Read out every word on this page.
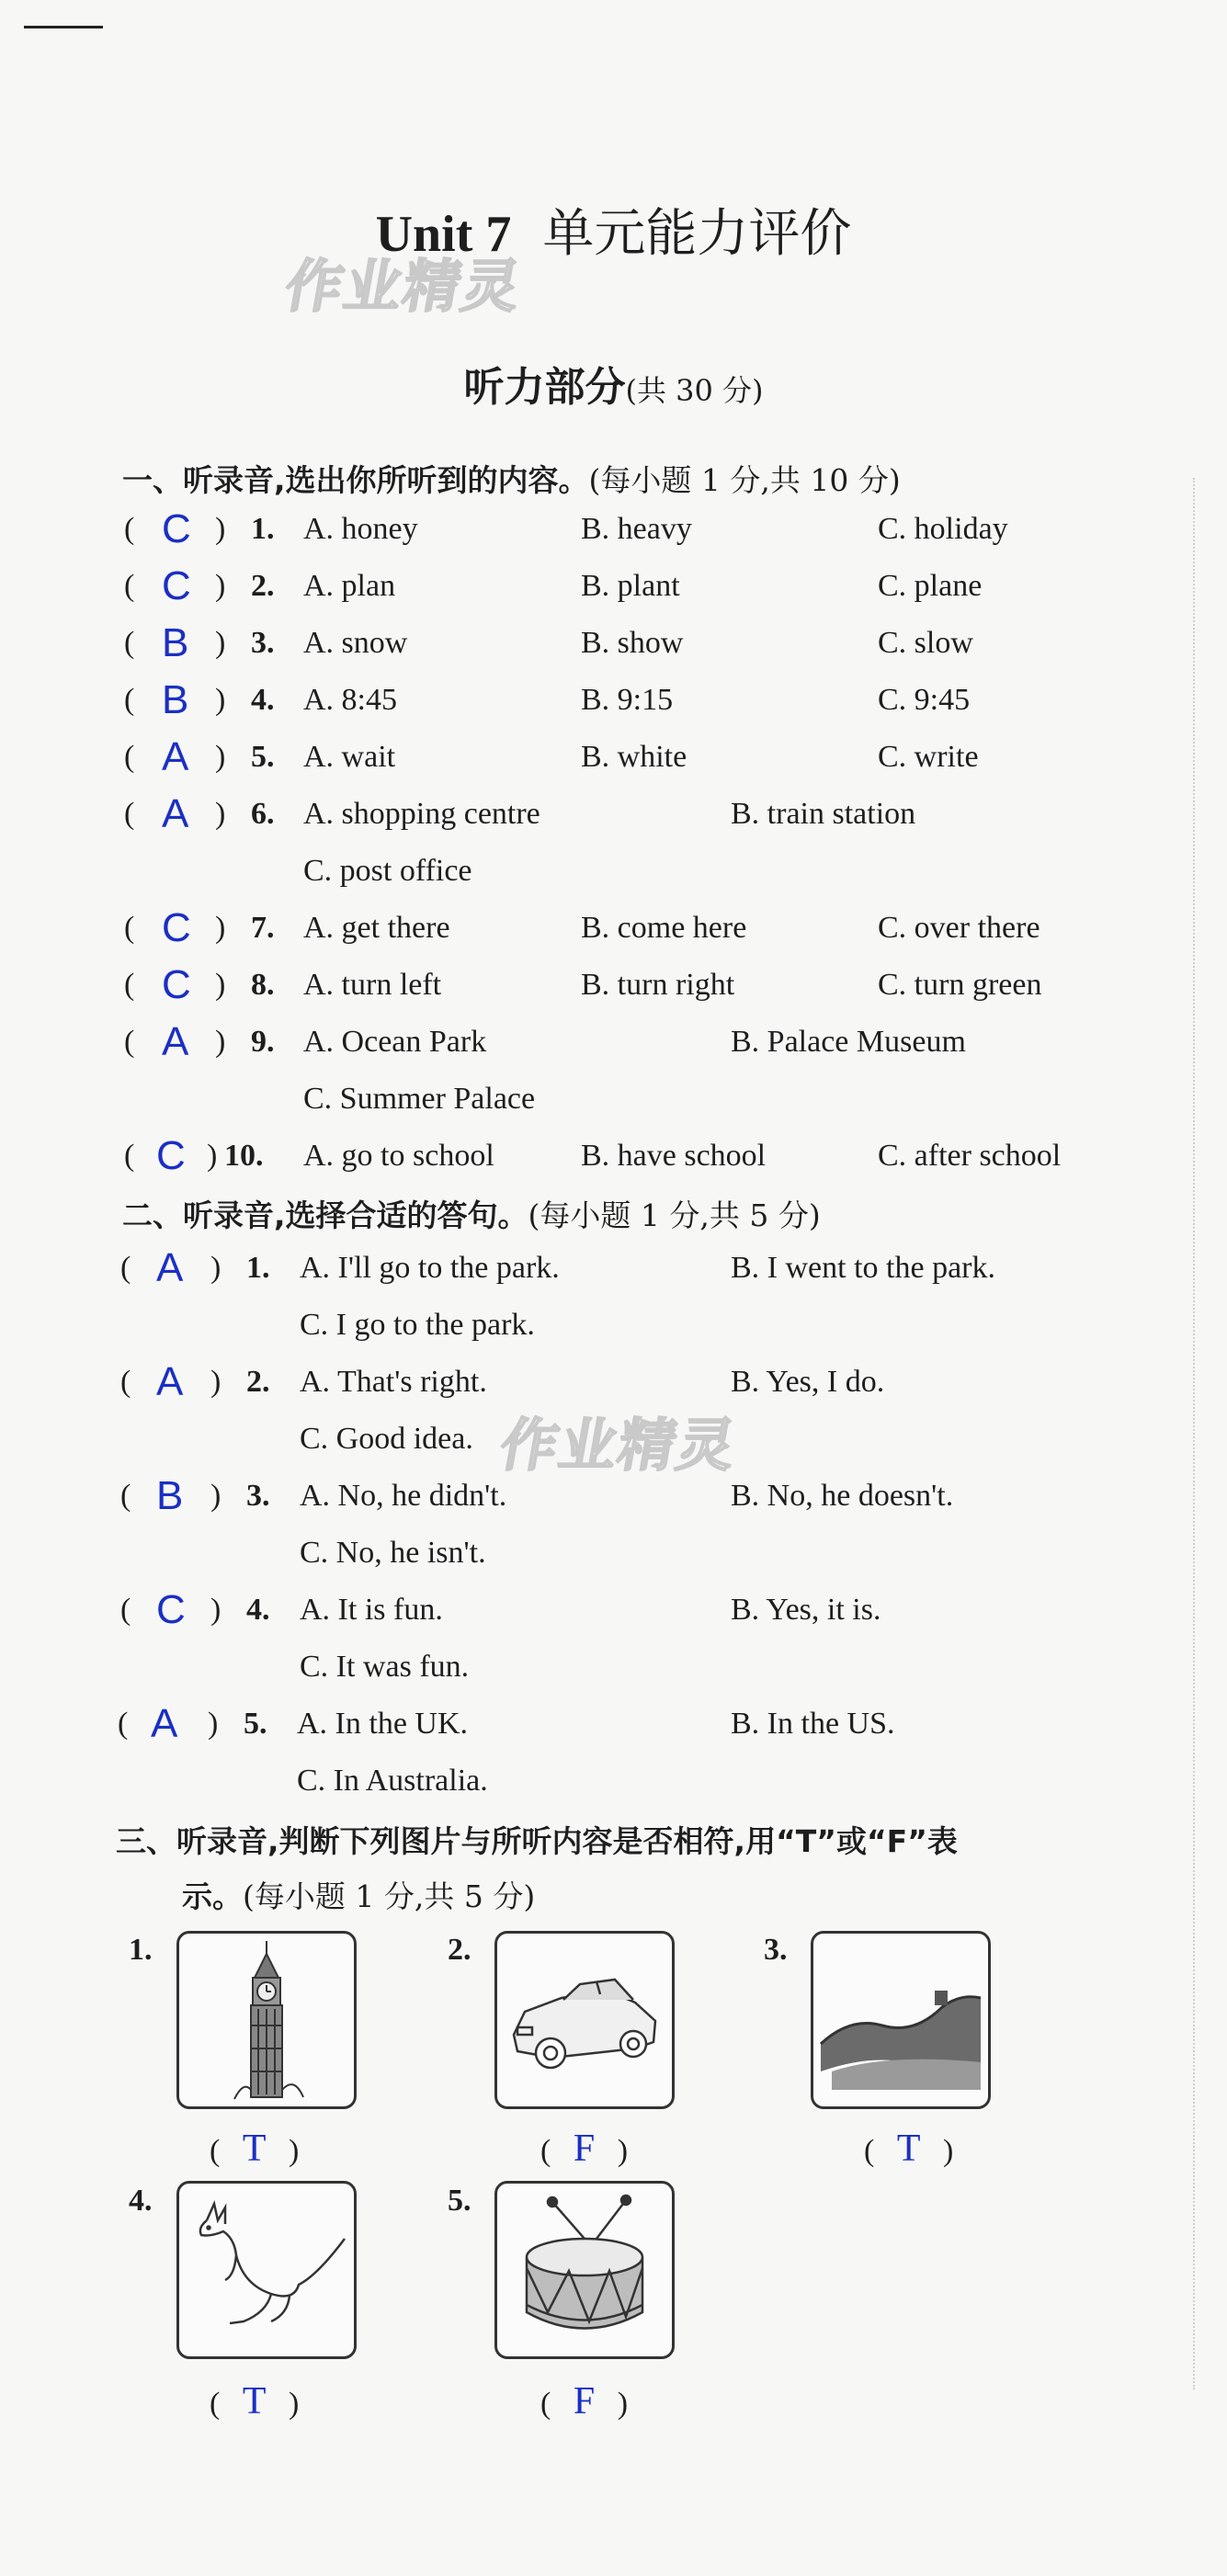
Unit 7 单元能力评价
作业精灵
听力部分(共 30 分)
一、听录音,选出你所听到的内容。(每小题 1 分,共 10 分)
( C ) 1. A. honey	B. heavy	C. holiday
( C ) 2. A. plan	B. plant	C. plane
( B ) 3. A. snow	B. show	C. slow
( B ) 4. A. 8:45	B. 9:15	C. 9:45
( A ) 5. A. wait	B. white	C. write
( A ) 6. A. shopping centre	B. train station
C. post office
( C ) 7. A. get there	B. come here	C. over there
( C ) 8. A. turn left	B. turn right	C. turn green
( A ) 9. A. Ocean Park	B. Palace Museum
C. Summer Palace
( C ) 10. A. go to school	B. have school	C. after school
二、听录音,选择合适的答句。(每小题 1 分,共 5 分)
作业精灵
( A ) 1. A. I'll go to the park.	B. I went to the park.
C. I go to the park.
( A ) 2. A. That's right.	B. Yes, I do.
C. Good idea.
( B ) 3. A. No, he didn't.	B. No, he doesn't.
C. No, he isn't.
( C ) 4. A. It is fun.	B. Yes, it is.
C. It was fun.
( A ) 5. A. In the UK.	B. In the US.
C. In Australia.
三、听录音,判断下列图片与所听内容是否相符,用“T”或“F”表
示。(每小题 1 分,共 5 分)
1.
( T )
2.
( F )
3.
( T )
4.
( T )
5.
( F )
